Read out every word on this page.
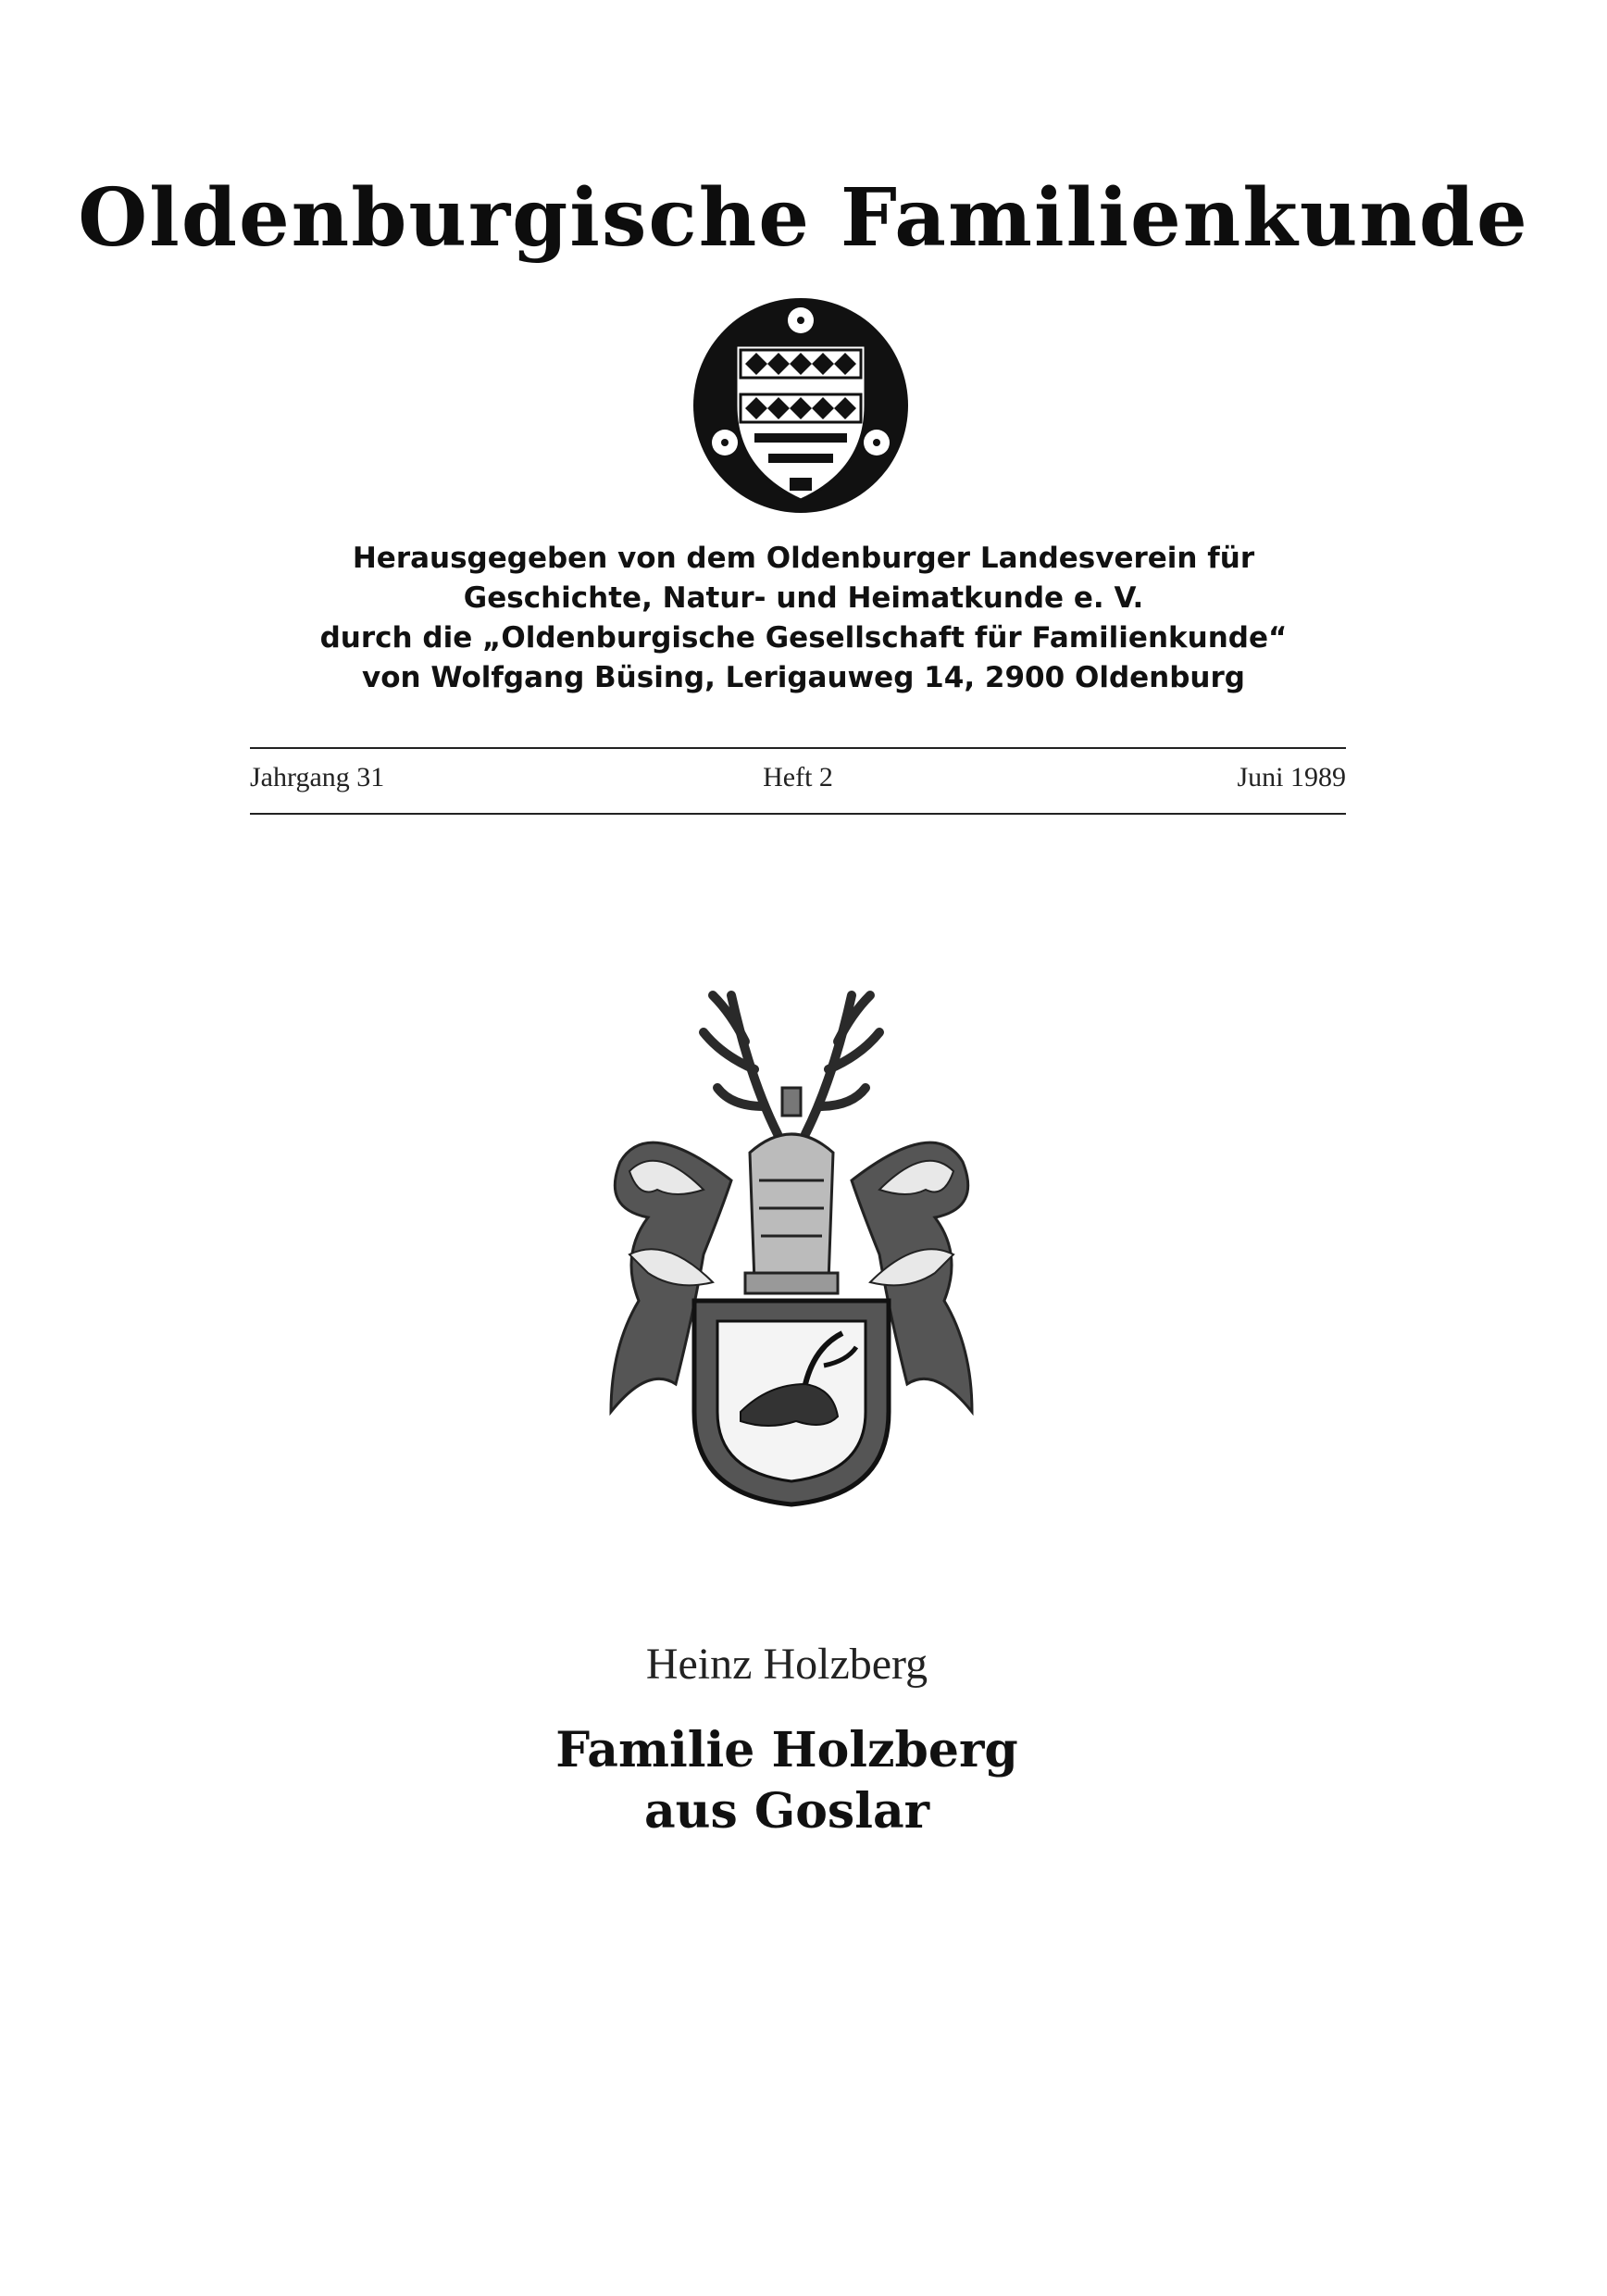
Oldenburgische Familienkunde
Herausgegeben von dem Oldenburger Landesverein für
Geschichte, Natur- und Heimatkunde e. V.
durch die „Oldenburgische Gesellschaft für Familienkunde“
von Wolfgang Büsing, Lerigauweg 14, 2900 Oldenburg
Heft 2
Jahrgang 31	Juni 1989
Heinz Holzberg
Familie Holzberg
aus Goslar
